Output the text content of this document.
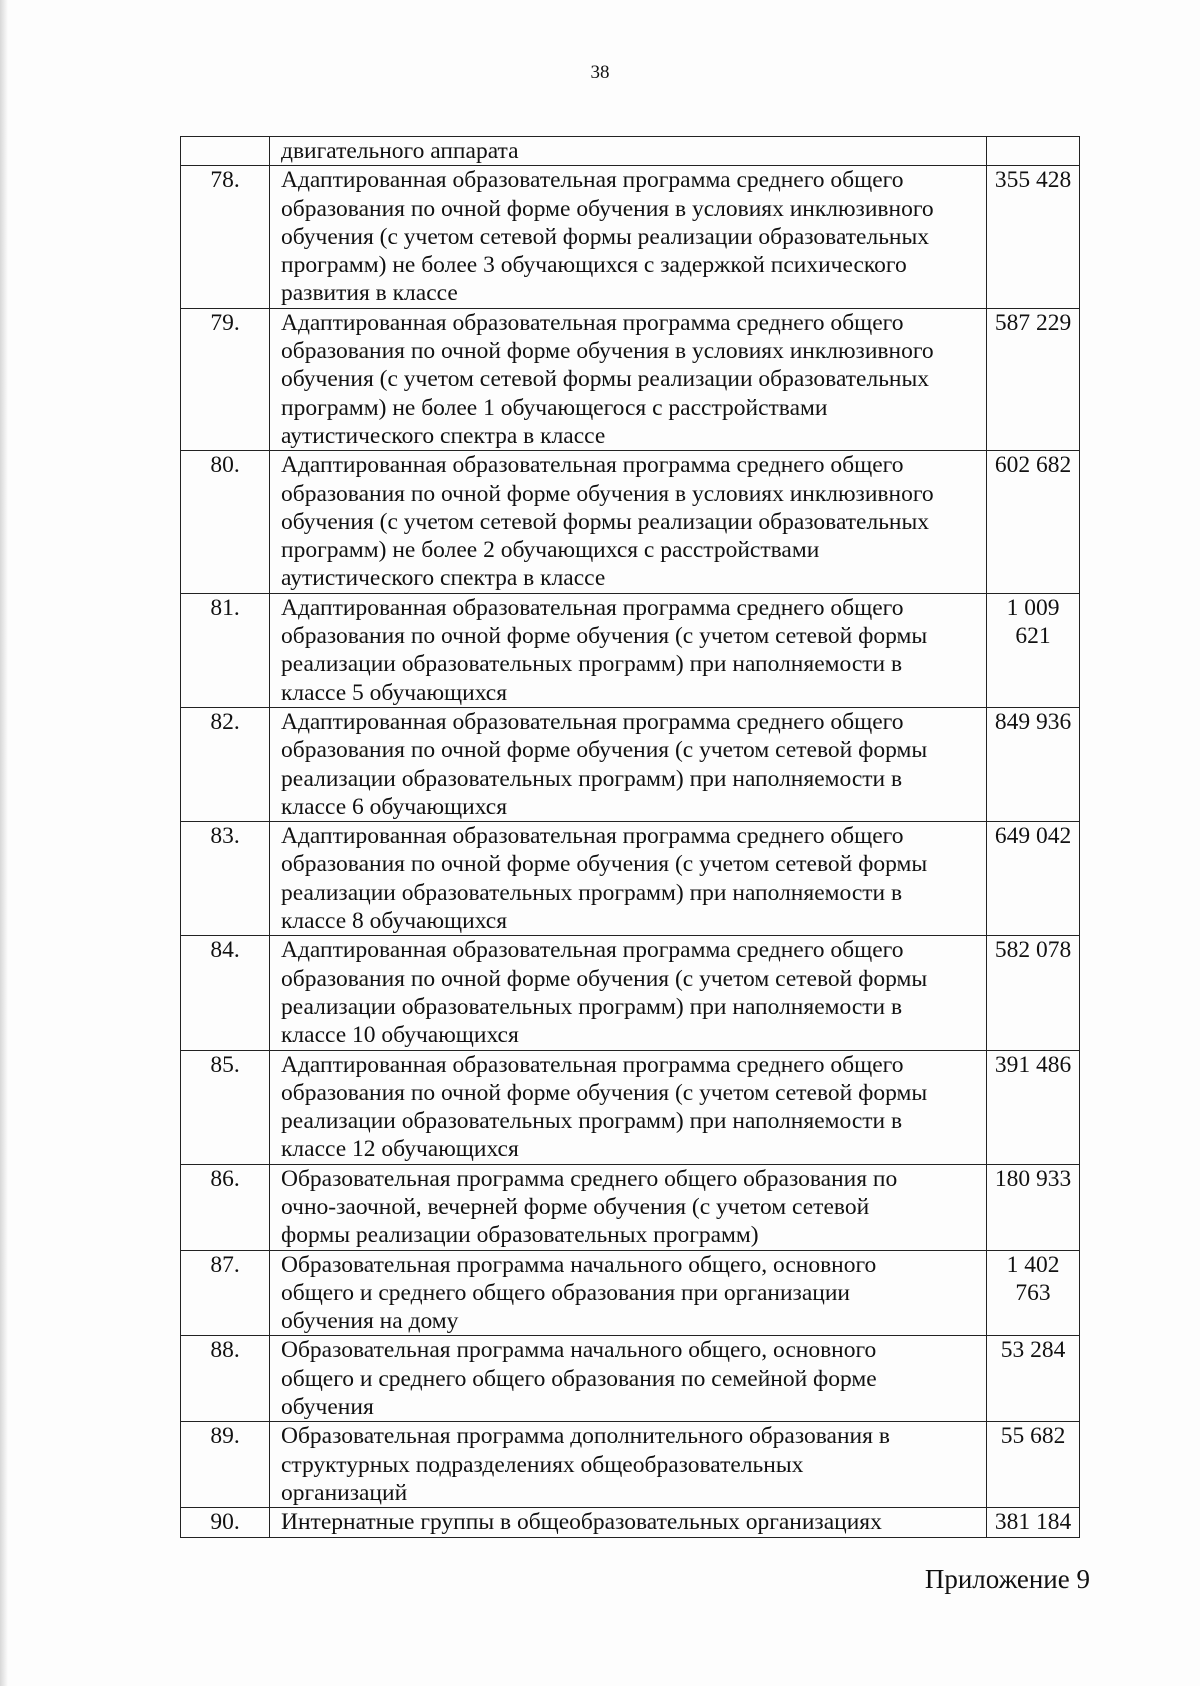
38

	двигательного аппарата	

78.	Адаптированная образовательная программа среднего общего
образования по очной форме обучения в условиях инклюзивного
обучения (с учетом сетевой формы реализации образовательных
программ) не более 3 обучающихся с задержкой психического
развития в классе	355 428
79.	Адаптированная образовательная программа среднего общего
образования по очной форме обучения в условиях инклюзивного
обучения (с учетом сетевой формы реализации образовательных
программ) не более 1 обучающегося с расстройствами
аутистического спектра в классе	587 229
80.	Адаптированная образовательная программа среднего общего
образования по очной форме обучения в условиях инклюзивного
обучения (с учетом сетевой формы реализации образовательных
программ) не более 2 обучающихся с расстройствами
аутистического спектра в классе	602 682
81.	Адаптированная образовательная программа среднего общего
образования по очной форме обучения (с учетом сетевой формы
реализации образовательных программ) при наполняемости в
классе 5 обучающихся	1 009 621
82.	Адаптированная образовательная программа среднего общего
образования по очной форме обучения (с учетом сетевой формы
реализации образовательных программ) при наполняемости в
классе 6 обучающихся	849 936
83.	Адаптированная образовательная программа среднего общего
образования по очной форме обучения (с учетом сетевой формы
реализации образовательных программ) при наполняемости в
классе 8 обучающихся	649 042
84.	Адаптированная образовательная программа среднего общего
образования по очной форме обучения (с учетом сетевой формы
реализации образовательных программ) при наполняемости в
классе 10 обучающихся	582 078
85.	Адаптированная образовательная программа среднего общего
образования по очной форме обучения (с учетом сетевой формы
реализации образовательных программ) при наполняемости в
классе 12 обучающихся	391 486
86.	Образовательная программа среднего общего образования по
очно-заочной, вечерней форме обучения (с учетом сетевой
формы реализации образовательных программ)	180 933
87.	Образовательная программа начального общего, основного
общего и среднего общего образования при организации
обучения на дому	1 402 763
88.	Образовательная программа начального общего, основного
общего и среднего общего образования по семейной форме
обучения	53 284
89.	Образовательная программа дополнительного образования в
структурных подразделениях общеобразовательных
организаций	55 682
90.	Интернатные группы в общеобразовательных организациях	381 184
Приложение 9
